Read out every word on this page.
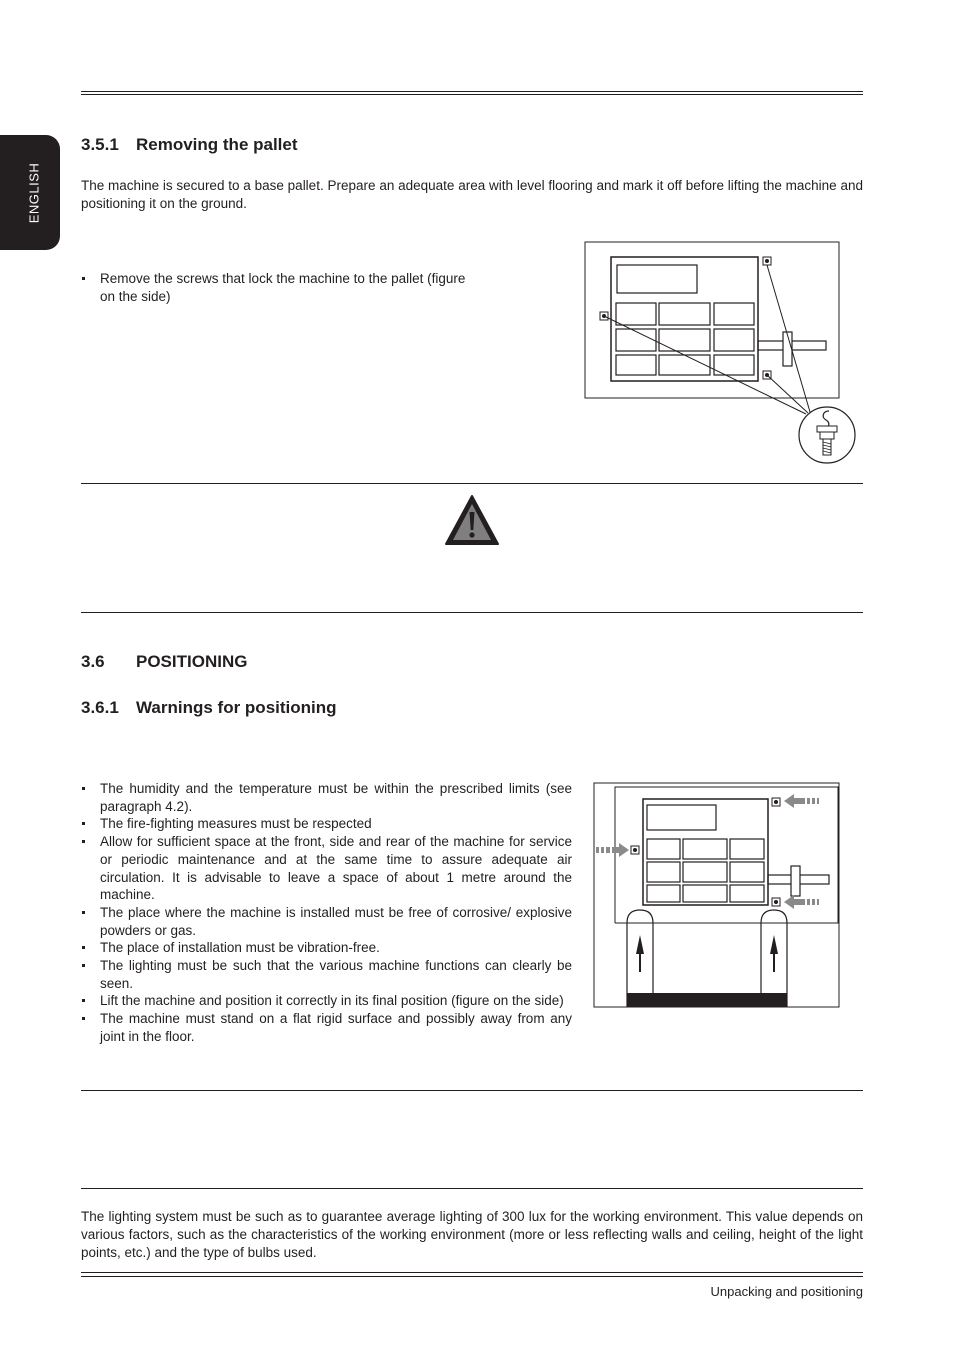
ENGLISH
3.5.1 Removing the pallet

The machine is secured to a base pallet. Prepare an adequate area with level flooring and mark it off before lifting the machine and positioning it on the ground.

Remove the screws that lock the machine to the pallet (figure on the side)
3.6 POSITIONING
3.6.1 Warnings for positioning
The humidity and the temperature must be within the prescribed limits (see paragraph 4.2).
The fire-fighting measures must be respected
Allow for sufficient space at the front, side and rear of the machine for service or periodic maintenance and at the same time to assure adequate air circulation. It is advisable to leave a space of about 1 metre around the machine.
The place where the machine is installed must be free of corrosive/ explosive powders or gas.
The place of installation must be vibration-free.
The lighting must be such that the various machine functions can clearly be seen.
Lift the machine and position it correctly in its final position (figure on the side)
The machine must stand on a flat rigid surface and possibly away from any joint in the floor.

The lighting system must be such as to guarantee average lighting of 300 lux for the working environment. This value depends on various factors, such as the characteristics of the working environment (more or less reflecting walls and ceiling, height of the light points, etc.) and the type of bulbs used.

Unpacking and positioning
